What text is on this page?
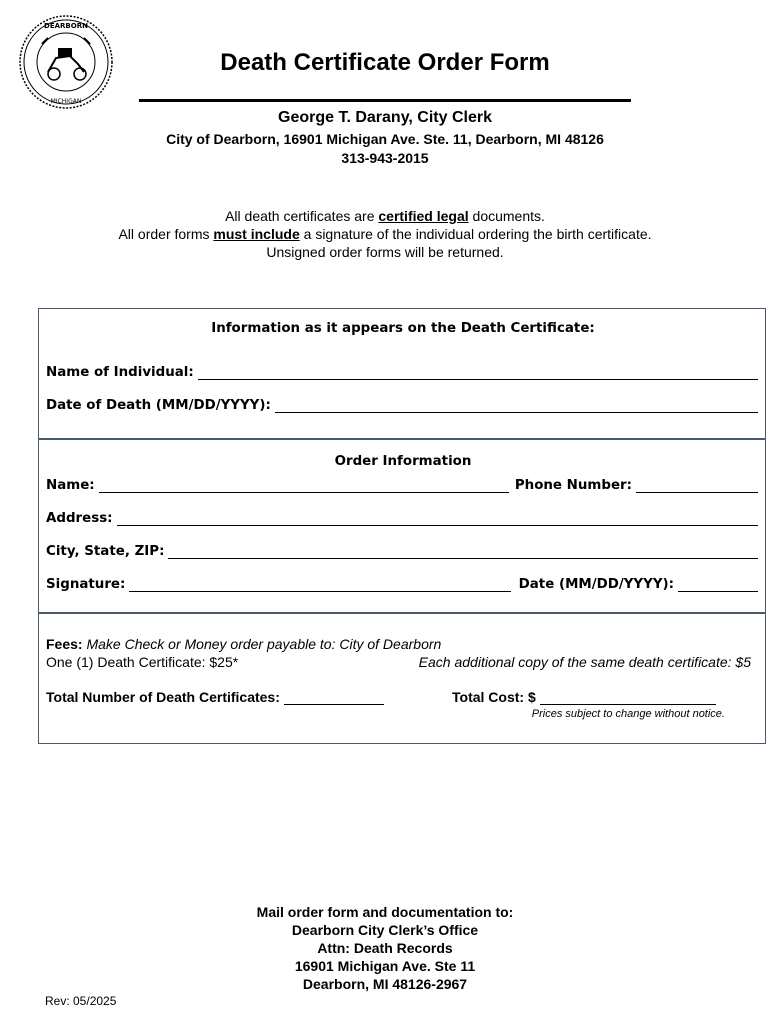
DEARBORN
MICHIGAN
Death Certificate Order Form
George T. Darany, City Clerk
City of Dearborn, 16901 Michigan Ave. Ste. 11, Dearborn, MI 48126
313-943-2015
All death certificates are certified legal documents.
All order forms must include a signature of the individual ordering the birth certificate.
Unsigned order forms will be returned.
Information as it appears on the Death Certificate:
Name of Individual:
Date of Death (MM/DD/YYYY):
Order Information
Name:	Phone Number:
Address:
City, State, ZIP:
Signature:	Date (MM/DD/YYYY):
Fees: Make Check or Money order payable to: City of Dearborn
One (1) Death Certificate: $25*	Each additional copy of the same death certificate: $5
Total Number of Death Certificates:	Total Cost: $
Prices subject to change without notice.
Mail order form and documentation to:
Dearborn City Clerk’s Office
Attn: Death Records
16901 Michigan Ave. Ste 11
Dearborn, MI 48126-2967
Rev: 05/2025
